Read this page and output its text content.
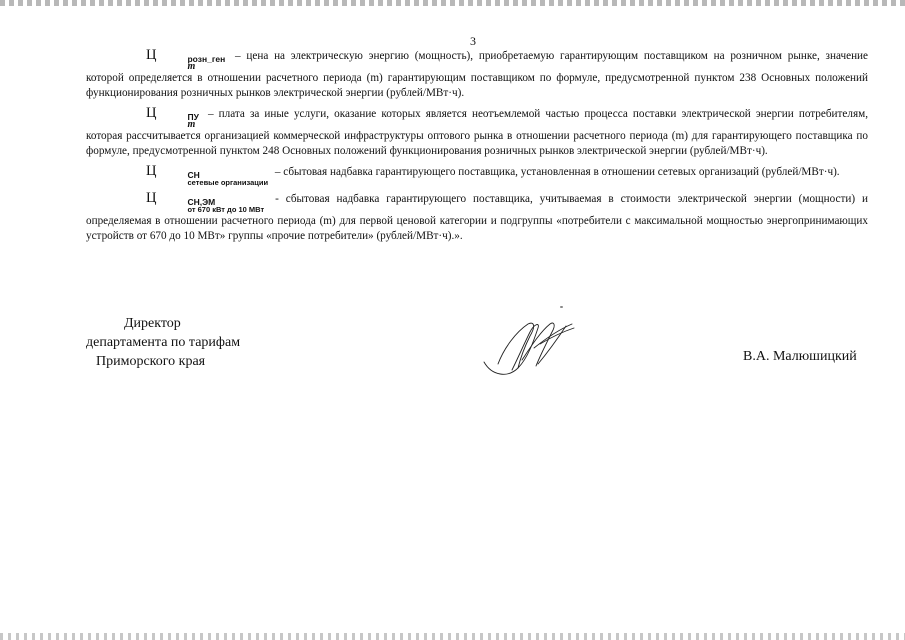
3

Ц	розн_ген
m
– цена на электрическую энергию (мощность), приобретаемую гарантирующим поставщиком на розничном рынке, значение которой определяется в отношении расчетного периода (m) гарантирующим поставщиком по формуле, предусмотренной пунктом 238 Основных положений функционирования розничных рынков электрической энергии (рублей/МВт·ч).

Ц	ПУ
m
– плата за иные услуги, оказание которых является неотъемлемой частью процесса поставки электрической энергии потребителям, которая рассчитывается организацией коммерческой инфраструктуры оптового рынка в отношении расчетного периода (m) для гарантирующего поставщика по формуле, предусмотренной пунктом 248 Основных положений функционирования розничных рынков электрической энергии (рублей/МВт·ч).

Ц	СН
сетевые организации
– сбытовая надбавка гарантирующего поставщика, установленная в отношении сетевых организаций (рублей/МВт·ч).

Ц	СН,ЭМ
от 670 кВт до 10 МВт
- сбытовая надбавка гарантирующего поставщика, учитываемая в стоимости электрической энергии (мощности) и определяемая в отношении расчетного периода (m) для первой ценовой категории и подгруппы «потребители с максимальной мощностью энергопринимающих устройств от 670 до 10 МВт» группы «прочие потребители» (рублей/МВт·ч).».

Директор
департамента по тарифам
Приморского края	В.А. Малюшицкий
